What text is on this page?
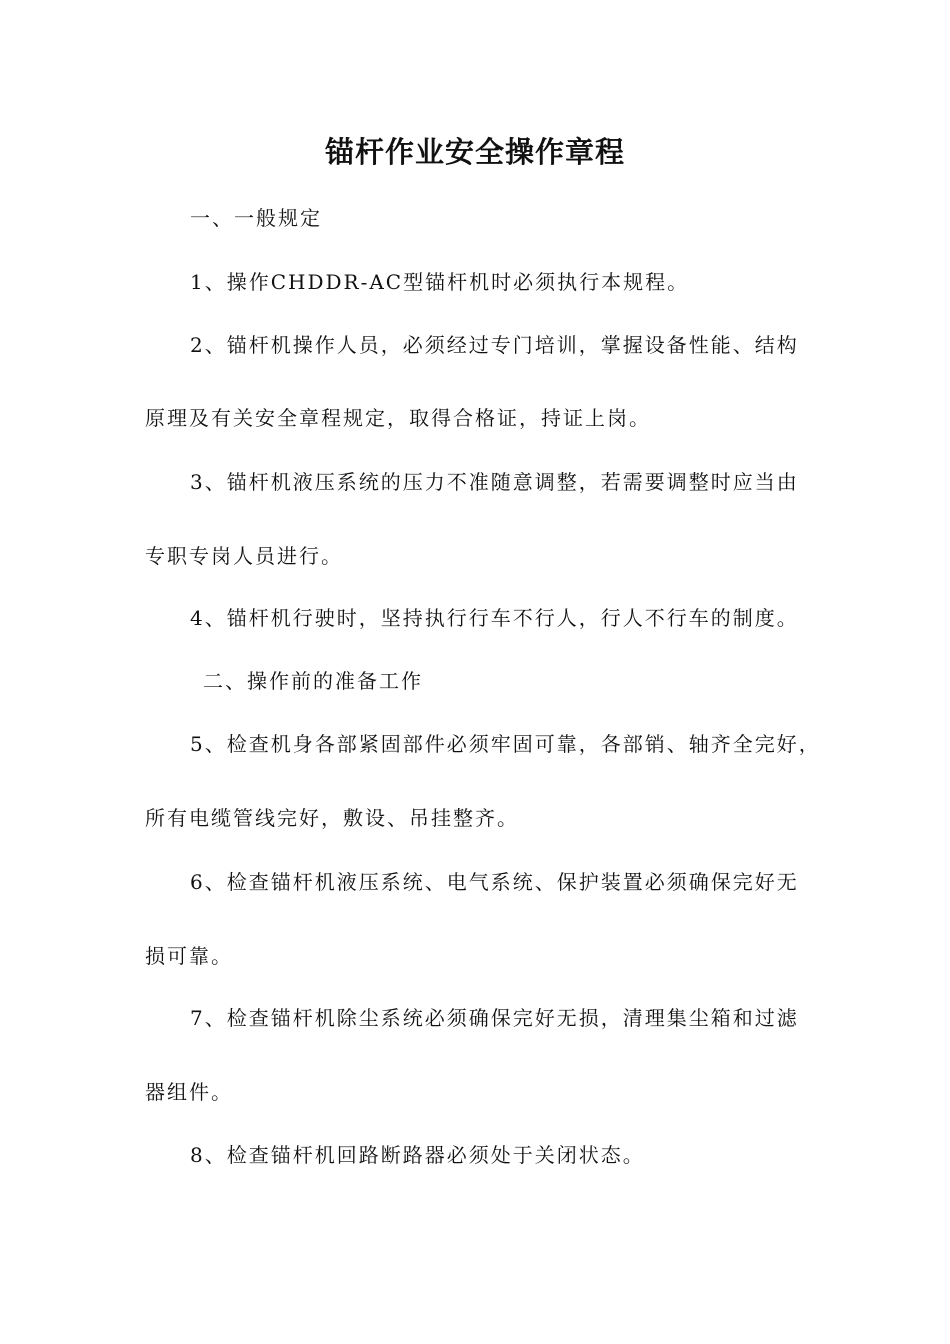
锚杆作业安全操作章程

一、一般规定

1、操作CHDDR-AC型锚杆机时必须执行本规程。

2、锚杆机操作人员，必须经过专门培训，掌握设备性能、结构

原理及有关安全章程规定，取得合格证，持证上岗。

3、锚杆机液压系统的压力不准随意调整，若需要调整时应当由

专职专岗人员进行。

4、锚杆机行驶时，坚持执行行车不行人，行人不行车的制度。

二、操作前的准备工作

5、检查机身各部紧固部件必须牢固可靠，各部销、轴齐全完好，

所有电缆管线完好，敷设、吊挂整齐。

6、检查锚杆机液压系统、电气系统、保护装置必须确保完好无

损可靠。

7、检查锚杆机除尘系统必须确保完好无损，清理集尘箱和过滤

器组件。

8、检查锚杆机回路断路器必须处于关闭状态。
